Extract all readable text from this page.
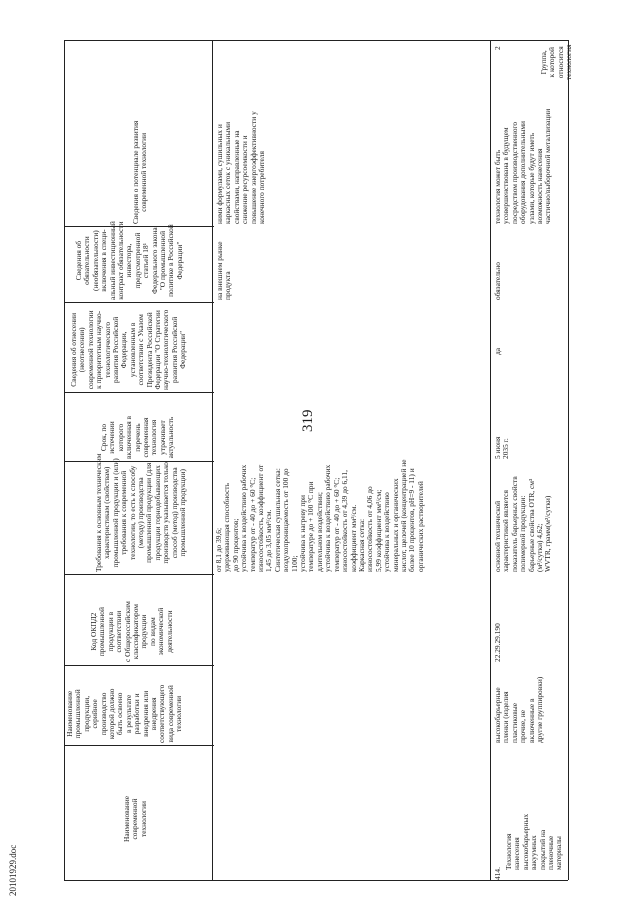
319
20101929.doc

Наименование современной технологии

Наименование промышленной продукции, серийное производство которой должно быть освоено в результате разработки и внедрения или внедрения соответствующего вида современной технологии

Код ОКПД2 промышленной продукции в соответствии с Общероссийским классификатором продукции по видам экономической деятельности

Требования к основным техническим характеристикам (свойствам) промышленной продукции и (или) требования к современной технологии, то есть к способу (методу) производства промышленной продукции (для продукции горнодобывающих производств указывается только способ (метод) производства промышленной продукции)

Срок, по истечении которого включенная в перечень современная технология утрачивает актуальность

Сведения об отнесении (неотнесении) современной технологии к приоритетным научно- технологического развития Российской Федерации, установленным в соответствии с Указом Президента Российской Федерации "О Стратегии научно-технологического развития Российской Федерации"

Сведения об обязательности (необязательности) включения в специ- альный инвестиционный контракт обязательности инвестора, предусмотренной статьей 18¹ Федерального закона "О промышленной политике в Российской Федерации"

Сведения о потенциале развития современной технологии

Группа, к которой относится технология

от 8,1 до 39,6; удерживающая способность до 90 процентов; устойчива к воздействию рабочих температур от - 40 до + 60 °С; износостойкость, коэффициент от 1,45 до 3,05 мм³/см. Синтетическая сушильная сетка: воздухопроницаемость от 100 до 1100; устойчива к нагреву при температуре до + 100 °С при длительном воздействии; устойчива к воздействию рабочих температур от - 40 до + 60 °С; износостойкость от 4,39 до 6,11, коэффициент мм³/см. Каркасная сетка: износостойкость от 4,06 до 5,99 коэффициент мм³/см; устойчива к воздействию минеральных и органических кислот, щелочей (концентрацией не более 10 процентов, рН=9 - 11) и органических растворителей

на внешнем рынке продукта

ними формулами, сушильных и каркасных сеток с уникальными свойствами, направленные на снижение ресурсоемкости и повышение энергоэффективности у конечного потребителя

414.

Технология нанесения высокобарьерных вакуумных покрытий на пленочные материалы

высокобарьерные пленки (изделия пластиковые прочие, не включенные в другие группировки)

22.29.29.190

основной технической характеристикой является показатель барьерных свойств полимерной продукции: барьерные свойства OTR, см³ (м²/сутки) 4,62; WVTR, грамм(м²/сутки)

5 июня 2035 г.

да

обязательно

технология может быть усовершенствована в будущем посредством производственного оборудования дополнительными узлами, которые будут иметь возможность нанесения частично/выборочной металлизации

2
